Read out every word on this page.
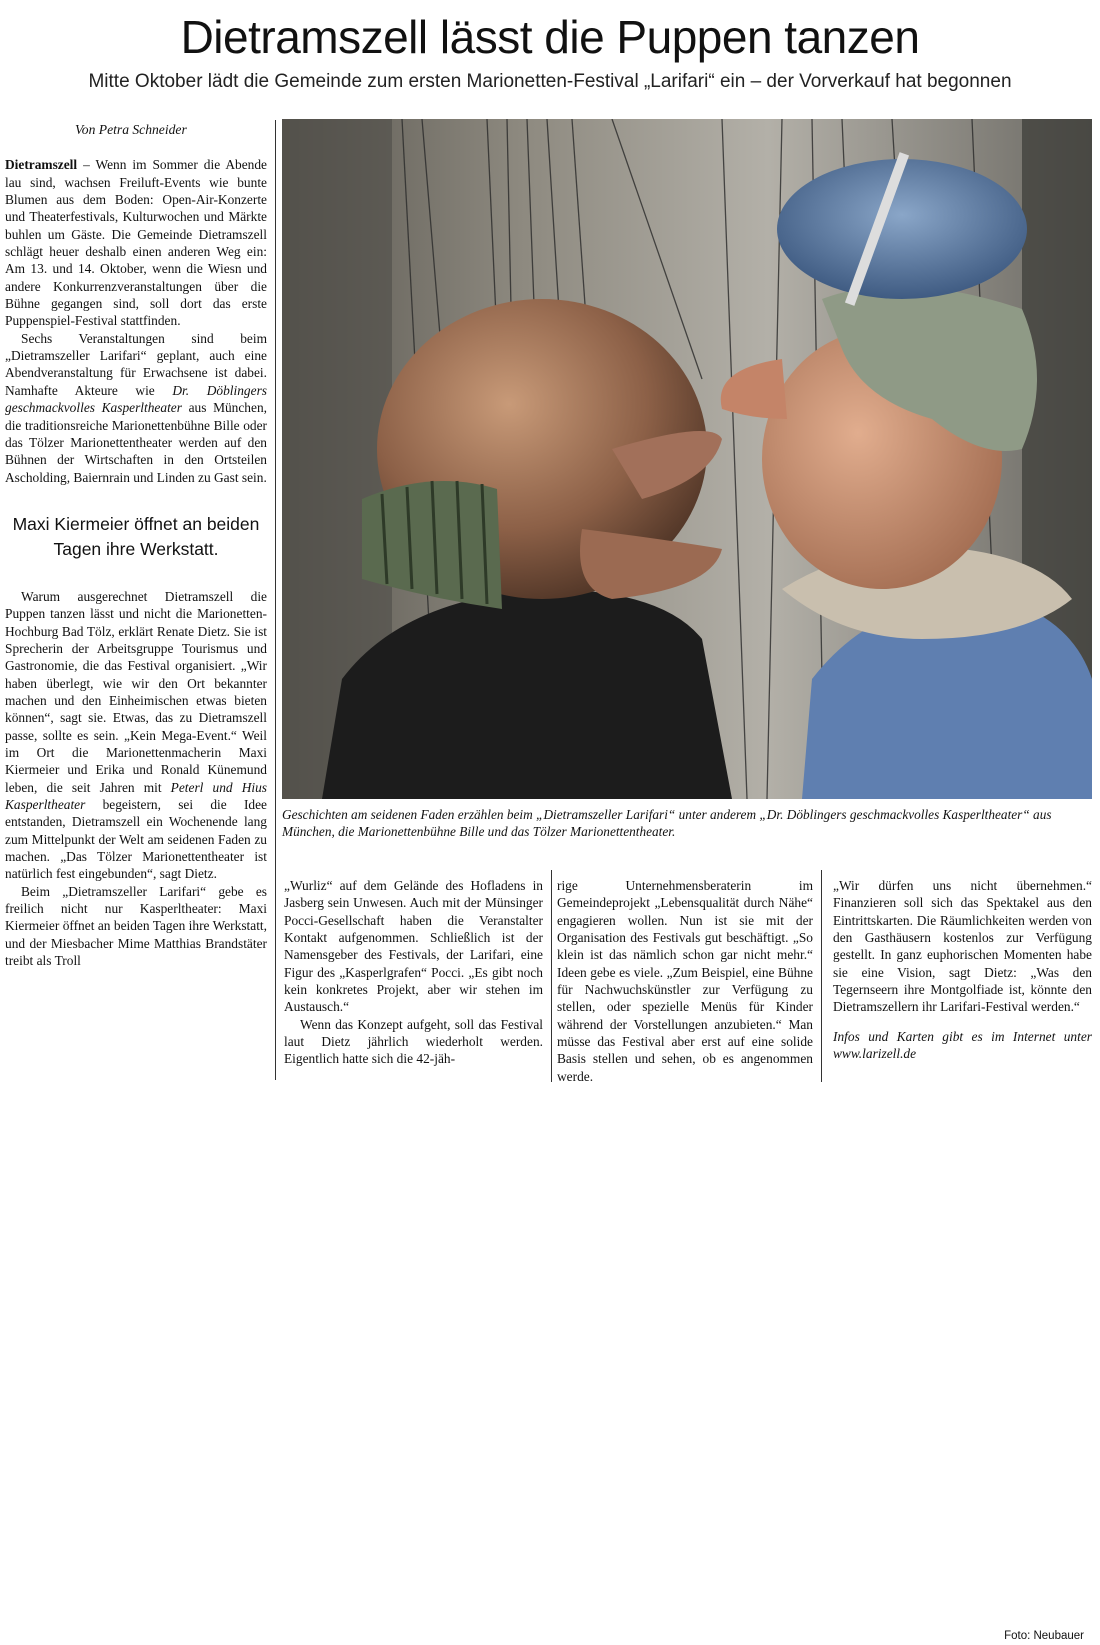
Dietramszell lässt die Puppen tanzen
Mitte Oktober lädt die Gemeinde zum ersten Marionetten-Festival „Larifari“ ein – der Vorverkauf hat begonnen

Von Petra Schneider

Dietramszell – Wenn im Sommer die Abende lau sind, wachsen Freiluft-Events wie bunte Blumen aus dem Boden: Open-Air-Konzerte und Theaterfestivals, Kulturwochen und Märkte buhlen um Gäste. Die Gemeinde Dietramszell schlägt heuer deshalb einen anderen Weg ein: Am 13. und 14. Oktober, wenn die Wiesn und andere Konkurrenzveranstaltungen über die Bühne gegangen sind, soll dort das erste Puppenspiel-Festival stattfinden.

Sechs Veranstaltungen sind beim „Dietramszeller Larifari“ geplant, auch eine Abendveranstaltung für Erwachsene ist dabei. Namhafte Akteure wie Dr. Döblingers geschmackvolles Kasperltheater aus München, die traditionsreiche Marionettenbühne Bille oder das Tölzer Marionettentheater werden auf den Bühnen der Wirtschaften in den Ortsteilen Ascholding, Baiernrain und Linden zu Gast sein.

Maxi Kiermeier öffnet an beiden Tagen ihre Werkstatt.

Warum ausgerechnet Dietramszell die Puppen tanzen lässt und nicht die Marionetten-Hochburg Bad Tölz, erklärt Renate Dietz. Sie ist Sprecherin der Arbeitsgruppe Tourismus und Gastronomie, die das Festival organisiert. „Wir haben überlegt, wie wir den Ort bekannter machen und den Einheimischen etwas bieten können“, sagt sie. Etwas, das zu Dietramszell passe, sollte es sein. „Kein Mega-Event.“ Weil im Ort die Marionettenmacherin Maxi Kiermeier und Erika und Ronald Künemund leben, die seit Jahren mit Peterl und Hius Kasperltheater begeistern, sei die Idee entstanden, Dietramszell ein Wochenende lang zum Mittelpunkt der Welt am seidenen Faden zu machen. „Das Tölzer Marionettentheater ist natürlich fest eingebunden“, sagt Dietz.

Beim „Dietramszeller Larifari“ gebe es freilich nicht nur Kasperltheater: Maxi Kiermeier öffnet an beiden Tagen ihre Werkstatt, und der Miesbacher Mime Matthias Brandstäter treibt als Troll

Geschichten am seidenen Faden erzählen beim „Dietramszeller Larifari“ unter anderem „Dr. Döblingers geschmackvolles Kasperltheater“ aus München, die Marionettenbühne Bille und das Tölzer Marionettentheater.
Foto: Neubauer

„Wurliz“ auf dem Gelände des Hofladens in Jasberg sein Unwesen. Auch mit der Münsinger Pocci-Gesellschaft haben die Veranstalter Kontakt aufgenommen. Schließlich ist der Namensgeber des Festivals, der Larifari, eine Figur des „Kasperlgrafen“ Pocci. „Es gibt noch kein konkretes Projekt, aber wir stehen im Austausch.“

Wenn das Konzept aufgeht, soll das Festival laut Dietz jährlich wiederholt werden. Eigentlich hatte sich die 42-jäh-

rige Unternehmensberaterin im Gemeindeprojekt „Lebensqualität durch Nähe“ engagieren wollen. Nun ist sie mit der Organisation des Festivals gut beschäftigt. „So klein ist das nämlich schon gar nicht mehr.“ Ideen gebe es viele. „Zum Beispiel, eine Bühne für Nachwuchskünstler zur Verfügung zu stellen, oder spezielle Menüs für Kinder während der Vorstellungen anzubieten.“ Man müsse das Festival aber erst auf eine solide Basis stellen und sehen, ob es angenommen werde.

„Wir dürfen uns nicht übernehmen.“ Finanzieren soll sich das Spektakel aus den Eintrittskarten. Die Räumlichkeiten werden von den Gasthäusern kostenlos zur Verfügung gestellt. In ganz euphorischen Momenten habe sie eine Vision, sagt Dietz: „Was den Tegernseern ihre Montgolfiade ist, könnte den Dietramszellern ihr Larifari-Festival werden.“

Infos und Karten gibt es im Internet unter www.larizell.de
